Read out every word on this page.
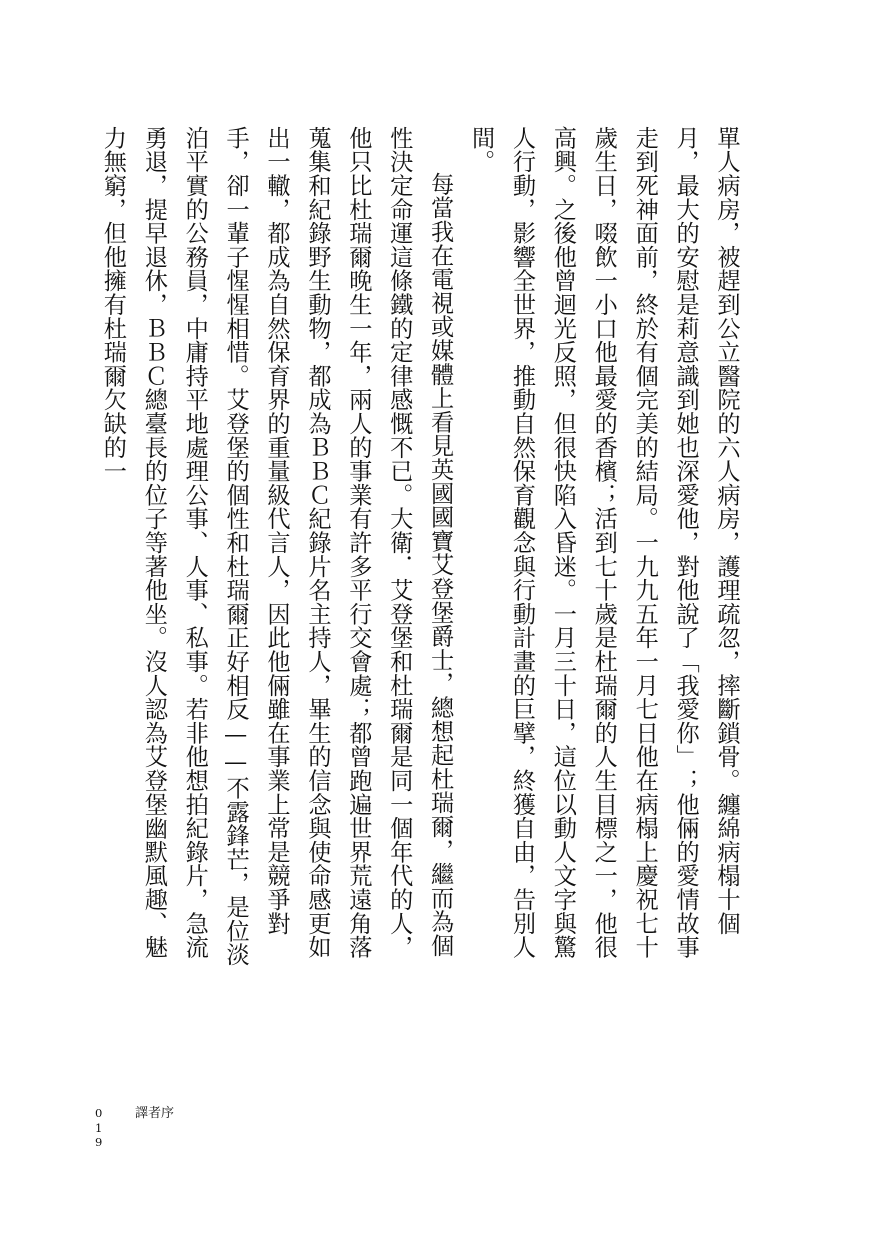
單人病房，被趕到公立醫院的六人病房，護理疏忽，摔斷鎖骨。纏綿病榻十個月，最大的安慰是莉意識到她也深愛他，對他說了「我愛你」；他倆的愛情故事走到死神面前，終於有個完美的結局。一九九五年一月七日他在病榻上慶祝七十歲生日，啜飲一小口他最愛的香檳；活到七十歲是杜瑞爾的人生目標之一，他很高興。之後他曾迴光反照，但很快陷入昏迷。一月三十日，這位以動人文字與驚人行動，影響全世界，推動自然保育觀念與行動計畫的巨擘，終獲自由，告別人間。

每當我在電視或媒體上看見英國國寶艾登堡爵士，總想起杜瑞爾，繼而為個性決定命運這條鐵的定律感慨不已。大衛．艾登堡和杜瑞爾是同一個年代的人，他只比杜瑞爾晚生一年，兩人的事業有許多平行交會處；都曾跑遍世界荒遠角落蒐集和紀錄野生動物，都成為ＢＢＣ紀錄片名主持人，畢生的信念與使命感更如出一轍，都成為自然保育界的重量級代言人，因此他倆雖在事業上常是競爭對手，卻一輩子惺惺相惜。艾登堡的個性和杜瑞爾正好相反——不露鋒芒，是位淡泊平實的公務員，中庸持平地處理公事、人事、私事。若非他想拍紀錄片，急流勇退，提早退休，ＢＢＣ總臺長的位子等著他坐。沒人認為艾登堡幽默風趣、魅力無窮，但他擁有杜瑞爾欠缺的一

019
譯者序
